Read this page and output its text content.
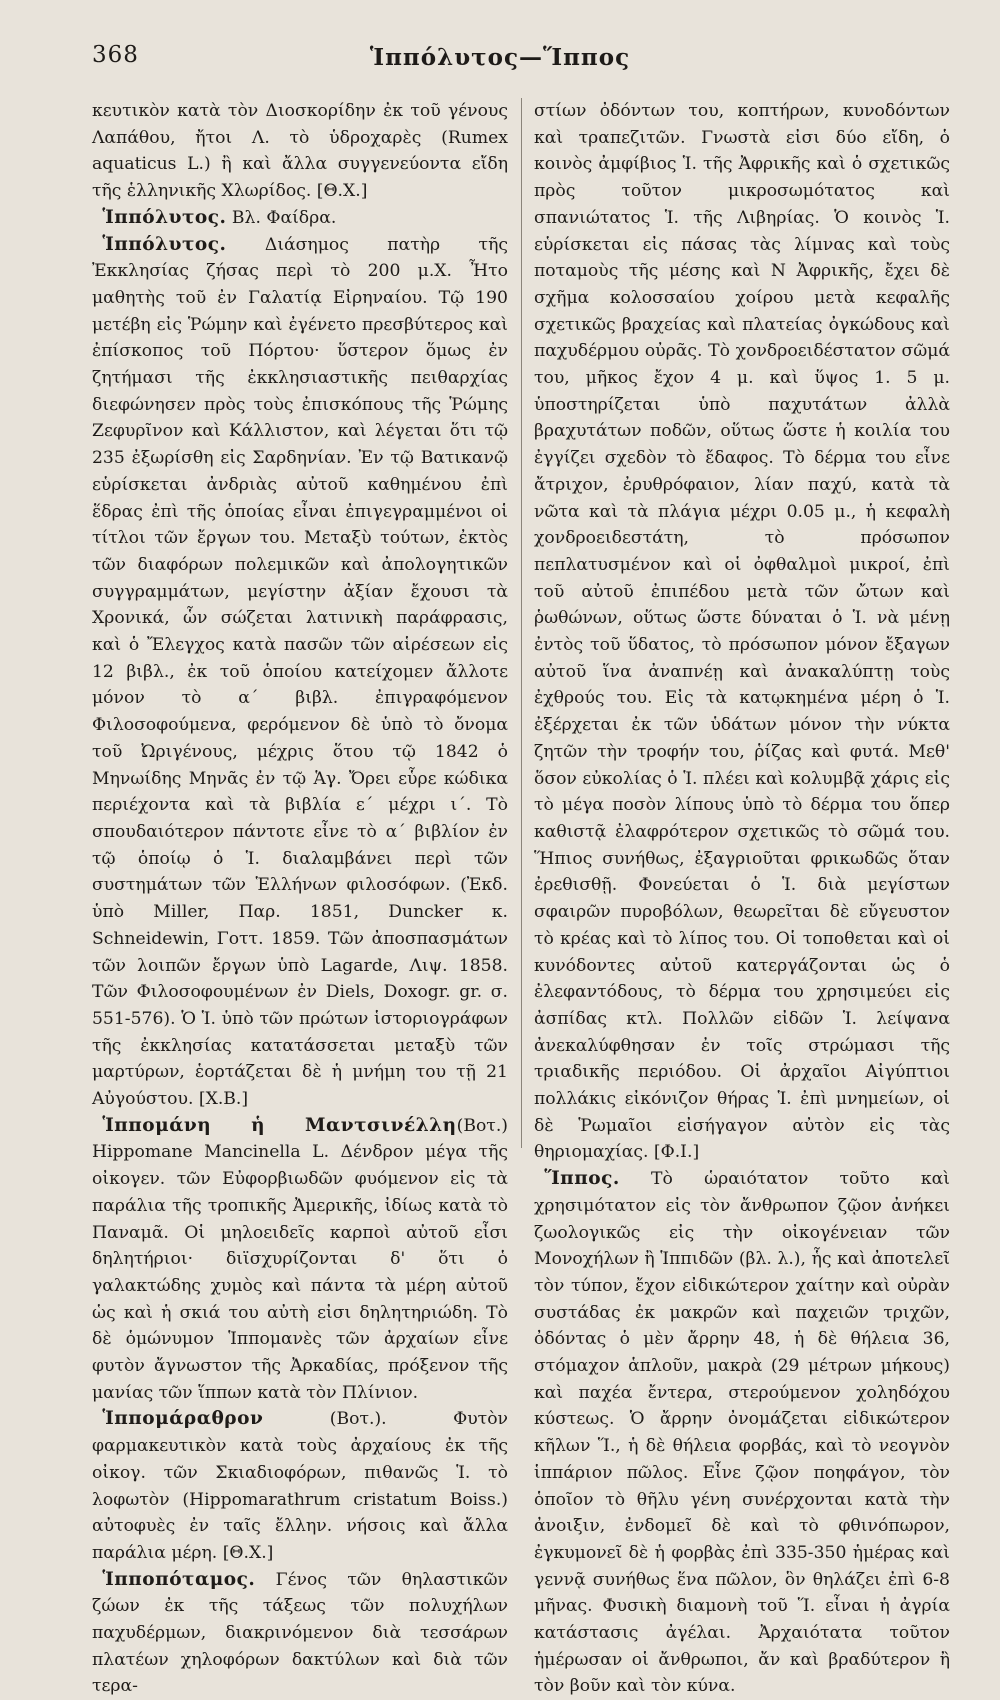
368	Ἱππόλυτος—Ἵππος

κευτικὸν κατὰ τὸν Διοσκορίδην ἐκ τοῦ γένους Λαπάθου, ἤτοι Λ. τὸ ὑδροχαρὲς (Rumex aquaticus L.) ἢ καὶ ἄλλα συγγενεύοντα εἴδη τῆς ἑλληνικῆς Χλωρίδος. [Θ.Χ.]

Ἱππόλυτος. Βλ. Φαίδρα.

Ἱππόλυτος. Διάσημος πατὴρ τῆς Ἐκκλησίας ζήσας περὶ τὸ 200 μ.Χ. Ἦτο μαθητὴς τοῦ ἐν Γαλατίᾳ Εἰρηναίου. Τῷ 190 μετέβη εἰς Ῥώμην καὶ ἐγένετο πρεσβύτερος καὶ ἐπίσκοπος τοῦ Πόρτου· ὕστερον ὅμως ἐν ζητήμασι τῆς ἐκκλησιαστικῆς πειθαρχίας διεφώνησεν πρὸς τοὺς ἐπισκόπους τῆς Ῥώμης Ζεφυρῖνον καὶ Κάλλιστον, καὶ λέγεται ὅτι τῷ 235 ἐξωρίσθη εἰς Σαρδηνίαν. Ἐν τῷ Βατικανῷ εὑρίσκεται ἀνδριὰς αὐτοῦ καθημένου ἐπὶ ἕδρας ἐπὶ τῆς ὁποίας εἶναι ἐπιγεγραμμένοι οἱ τίτλοι τῶν ἔργων του. Μεταξὺ τούτων, ἐκτὸς τῶν διαφόρων πολεμικῶν καὶ ἀπολογητικῶν συγγραμμάτων, μεγίστην ἀξίαν ἔχουσι τὰ Χρονικά, ὧν σώζεται λατινικὴ παράφρασις, καὶ ὁ Ἔλεγχος κατὰ πασῶν τῶν αἱρέσεων εἰς 12 βιβλ., ἐκ τοῦ ὁποίου κατείχομεν ἄλλοτε μόνον τὸ α΄ βιβλ. ἐπιγραφόμενον Φιλοσοφούμενα, φερόμενον δὲ ὑπὸ τὸ ὄνομα τοῦ Ὠριγένους, μέχρις ὅτου τῷ 1842 ὁ Μηνωίδης Μηνᾶς ἐν τῷ Ἁγ. Ὄρει εὗρε κώδικα περιέχοντα καὶ τὰ βιβλία ε΄ μέχρι ι΄. Τὸ σπουδαιότερον πάντοτε εἶνε τὸ α΄ βιβλίον ἐν τῷ ὁποίῳ ὁ Ἱ. διαλαμβάνει περὶ τῶν συστημάτων τῶν Ἑλλήνων φιλοσόφων. (Ἐκδ. ὑπὸ Miller, Παρ. 1851, Duncker κ. Schneidewin, Γοττ. 1859. Τῶν ἀποσπασμάτων τῶν λοιπῶν ἔργων ὑπὸ Lagarde, Λιψ. 1858. Τῶν Φιλοσοφουμένων ἐν Diels, Doxogr. gr. σ. 551-576). Ὁ Ἱ. ὑπὸ τῶν πρώτων ἱστοριογράφων τῆς ἐκκλησίας κατατάσσεται μεταξὺ τῶν μαρτύρων, ἑορτάζεται δὲ ἡ μνήμη του τῇ 21 Αὐγούστου. [Χ.Β.]

Ἱππομάνη ἡ Μαντσινέλλη(Βοτ.) Hippomane Mancinella L. Δένδρον μέγα τῆς οἰκογεν. τῶν Εὐφορβιωδῶν φυόμενον εἰς τὰ παράλια τῆς τροπικῆς Ἀμερικῆς, ἰδίως κατὰ τὸ Παναμᾶ. Οἱ μηλοειδεῖς καρποὶ αὐτοῦ εἶσι δηλητήριοι· διϊσχυρίζονται δ' ὅτι ὁ γαλακτώδης χυμὸς καὶ πάντα τὰ μέρη αὐτοῦ ὡς καὶ ἡ σκιά του αὐτὴ εἰσι δηλητηριώδη. Τὸ δὲ ὁμώνυμον Ἱππομανὲς τῶν ἀρχαίων εἶνε φυτὸν ἄγνωστον τῆς Ἀρκαδίας, πρόξενον τῆς μανίας τῶν ἵππων κατὰ τὸν Πλίνιον.

Ἱππομάραθρον (Βοτ.). Φυτὸν φαρμακευτικὸν κατὰ τοὺς ἀρχαίους ἐκ τῆς οἰκογ. τῶν Σκιαδιοφόρων, πιθανῶς Ἱ. τὸ λοφωτὸν (Hippomarathrum cristatum Boiss.) αὐτοφυὲς ἐν ταῖς ἔλλην. νήσοις καὶ ἄλλα παράλια μέρη. [Θ.Χ.]

Ἱπποπόταμος. Γένος τῶν θηλαστικῶν ζώων ἐκ τῆς τάξεως τῶν πολυχήλων παχυδέρμων, διακρινόμενον διὰ τεσσάρων πλατέων χηλοφόρων δακτύλων καὶ διὰ τῶν τερα-

στίων ὀδόντων του, κοπτήρων, κυνοδόντων καὶ τραπεζιτῶν. Γνωστὰ εἰσι δύο εἴδη, ὁ κοινὸς ἀμφίβιος Ἱ. τῆς Ἀφρικῆς καὶ ὁ σχετικῶς πρὸς τοῦτον μικροσωμότατος καὶ σπανιώτατος Ἱ. τῆς Λιβηρίας. Ὁ κοινὸς Ἱ. εὑρίσκεται εἰς πάσας τὰς λίμνας καὶ τοὺς ποταμοὺς τῆς μέσης καὶ Ν Ἀφρικῆς, ἔχει δὲ σχῆμα κολοσσαίου χοίρου μετὰ κεφαλῆς σχετικῶς βραχείας καὶ πλατείας ὀγκώδους καὶ παχυδέρμου οὐρᾶς. Τὸ χονδροειδέστατον σῶμά του, μῆκος ἔχον 4 μ. καὶ ὕψος 1. 5 μ. ὑποστηρίζεται ὑπὸ παχυτάτων ἀλλὰ βραχυτάτων ποδῶν, οὕτως ὥστε ἡ κοιλία του ἐγγίζει σχεδὸν τὸ ἔδαφος. Τὸ δέρμα του εἶνε ἄτριχον, ἐρυθρόφαιον, λίαν παχύ, κατὰ τὰ νῶτα καὶ τὰ πλάγια μέχρι 0.05 μ., ἡ κεφαλὴ χονδροειδεστάτη, τὸ πρόσωπον πεπλατυσμένον καὶ οἱ ὀφθαλμοὶ μικροί, ἐπὶ τοῦ αὐτοῦ ἐπιπέδου μετὰ τῶν ὤτων καὶ ῥωθώνων, οὕτως ὥστε δύναται ὁ Ἱ. νὰ μένῃ ἐντὸς τοῦ ὕδατος, τὸ πρόσωπον μόνον ἔξαγων αὐτοῦ ἵνα ἀναπνέῃ καὶ ἀνακαλύπτῃ τοὺς ἐχθρούς του. Εἰς τὰ κατῳκημένα μέρη ὁ Ἱ. ἐξέρχεται ἐκ τῶν ὑδάτων μόνον τὴν νύκτα ζητῶν τὴν τροφήν του, ῥίζας καὶ φυτά. Μεθ' ὅσον εὐκολίας ὁ Ἱ. πλέει καὶ κολυμβᾷ χάρις εἰς τὸ μέγα ποσὸν λίπους ὑπὸ τὸ δέρμα του ὅπερ καθιστᾷ ἐλαφρότερον σχετικῶς τὸ σῶμά του. Ἥπιος συνήθως, ἐξαγριοῦται φρικωδῶς ὅταν ἐρεθισθῇ. Φονεύεται ὁ Ἱ. διὰ μεγίστων σφαιρῶν πυροβόλων, θεωρεῖται δὲ εὔγευστον τὸ κρέας καὶ τὸ λίπος του. Οἱ τοποθεται καὶ οἱ κυνόδοντες αὐτοῦ κατεργάζονται ὡς ὁ ἐλεφαντόδους, τὸ δέρμα του χρησιμεύει εἰς ἀσπίδας κτλ. Πολλῶν εἰδῶν Ἱ. λείψανα ἀνεκαλύφθησαν ἐν τοῖς στρώμασι τῆς τριαδικῆς περιόδου. Οἱ ἀρχαῖοι Αἰγύπτιοι πολλάκις εἰκόνιζον θήρας Ἱ. ἐπὶ μνημείων, οἱ δὲ Ῥωμαῖοι εἰσήγαγον αὐτὸν εἰς τὰς θηριομαχίας. [Φ.Ι.]

Ἵππος. Τὸ ὡραιότατον τοῦτο καὶ χρησιμότατον εἰς τὸν ἄνθρωπον ζῷον ἀνήκει ζωολογικῶς εἰς τὴν οἰκογένειαν τῶν Μονοχήλων ἢ Ἱππιδῶν (βλ. λ.), ἧς καὶ ἀποτελεῖ τὸν τύπον, ἔχον εἰδικώτερον χαίτην καὶ οὐρὰν συστάδας ἐκ μακρῶν καὶ παχειῶν τριχῶν, ὀδόντας ὁ μὲν ἄρρην 48, ἡ δὲ θήλεια 36, στόμαχον ἁπλοῦν, μακρὰ (29 μέτρων μήκους) καὶ παχέα ἔντερα, στερούμενον χοληδόχου κύστεως. Ὁ ἄρρην ὀνομάζεται εἰδικώτερον κῆλων Ἵ., ἡ δὲ θήλεια φορβάς, καὶ τὸ νεογνὸν ἱππάριον πῶλος. Εἶνε ζῷον ποηφάγον, τὸν ὁποῖον τὸ θῆλυ γένη συνέρχονται κατὰ τὴν ἀνοιξιν, ἐνδομεῖ δὲ καὶ τὸ φθινόπωρον, ἐγκυμονεῖ δὲ ἡ φορβὰς ἐπὶ 335-350 ἡμέρας καὶ γεννᾷ συνήθως ἕνα πῶλον, ὃν θηλάζει ἐπὶ 6-8 μῆνας. Φυσικὴ διαμονὴ τοῦ Ἵ. εἶναι ἡ ἀγρία κατάστασις ἀγέλαι. Ἀρχαιότατα τοῦτον ἡμέρωσαν οἱ ἄνθρωποι, ἄν καὶ βραδύτερον ἢ τὸν βοῦν καὶ τὸν κύνα.
